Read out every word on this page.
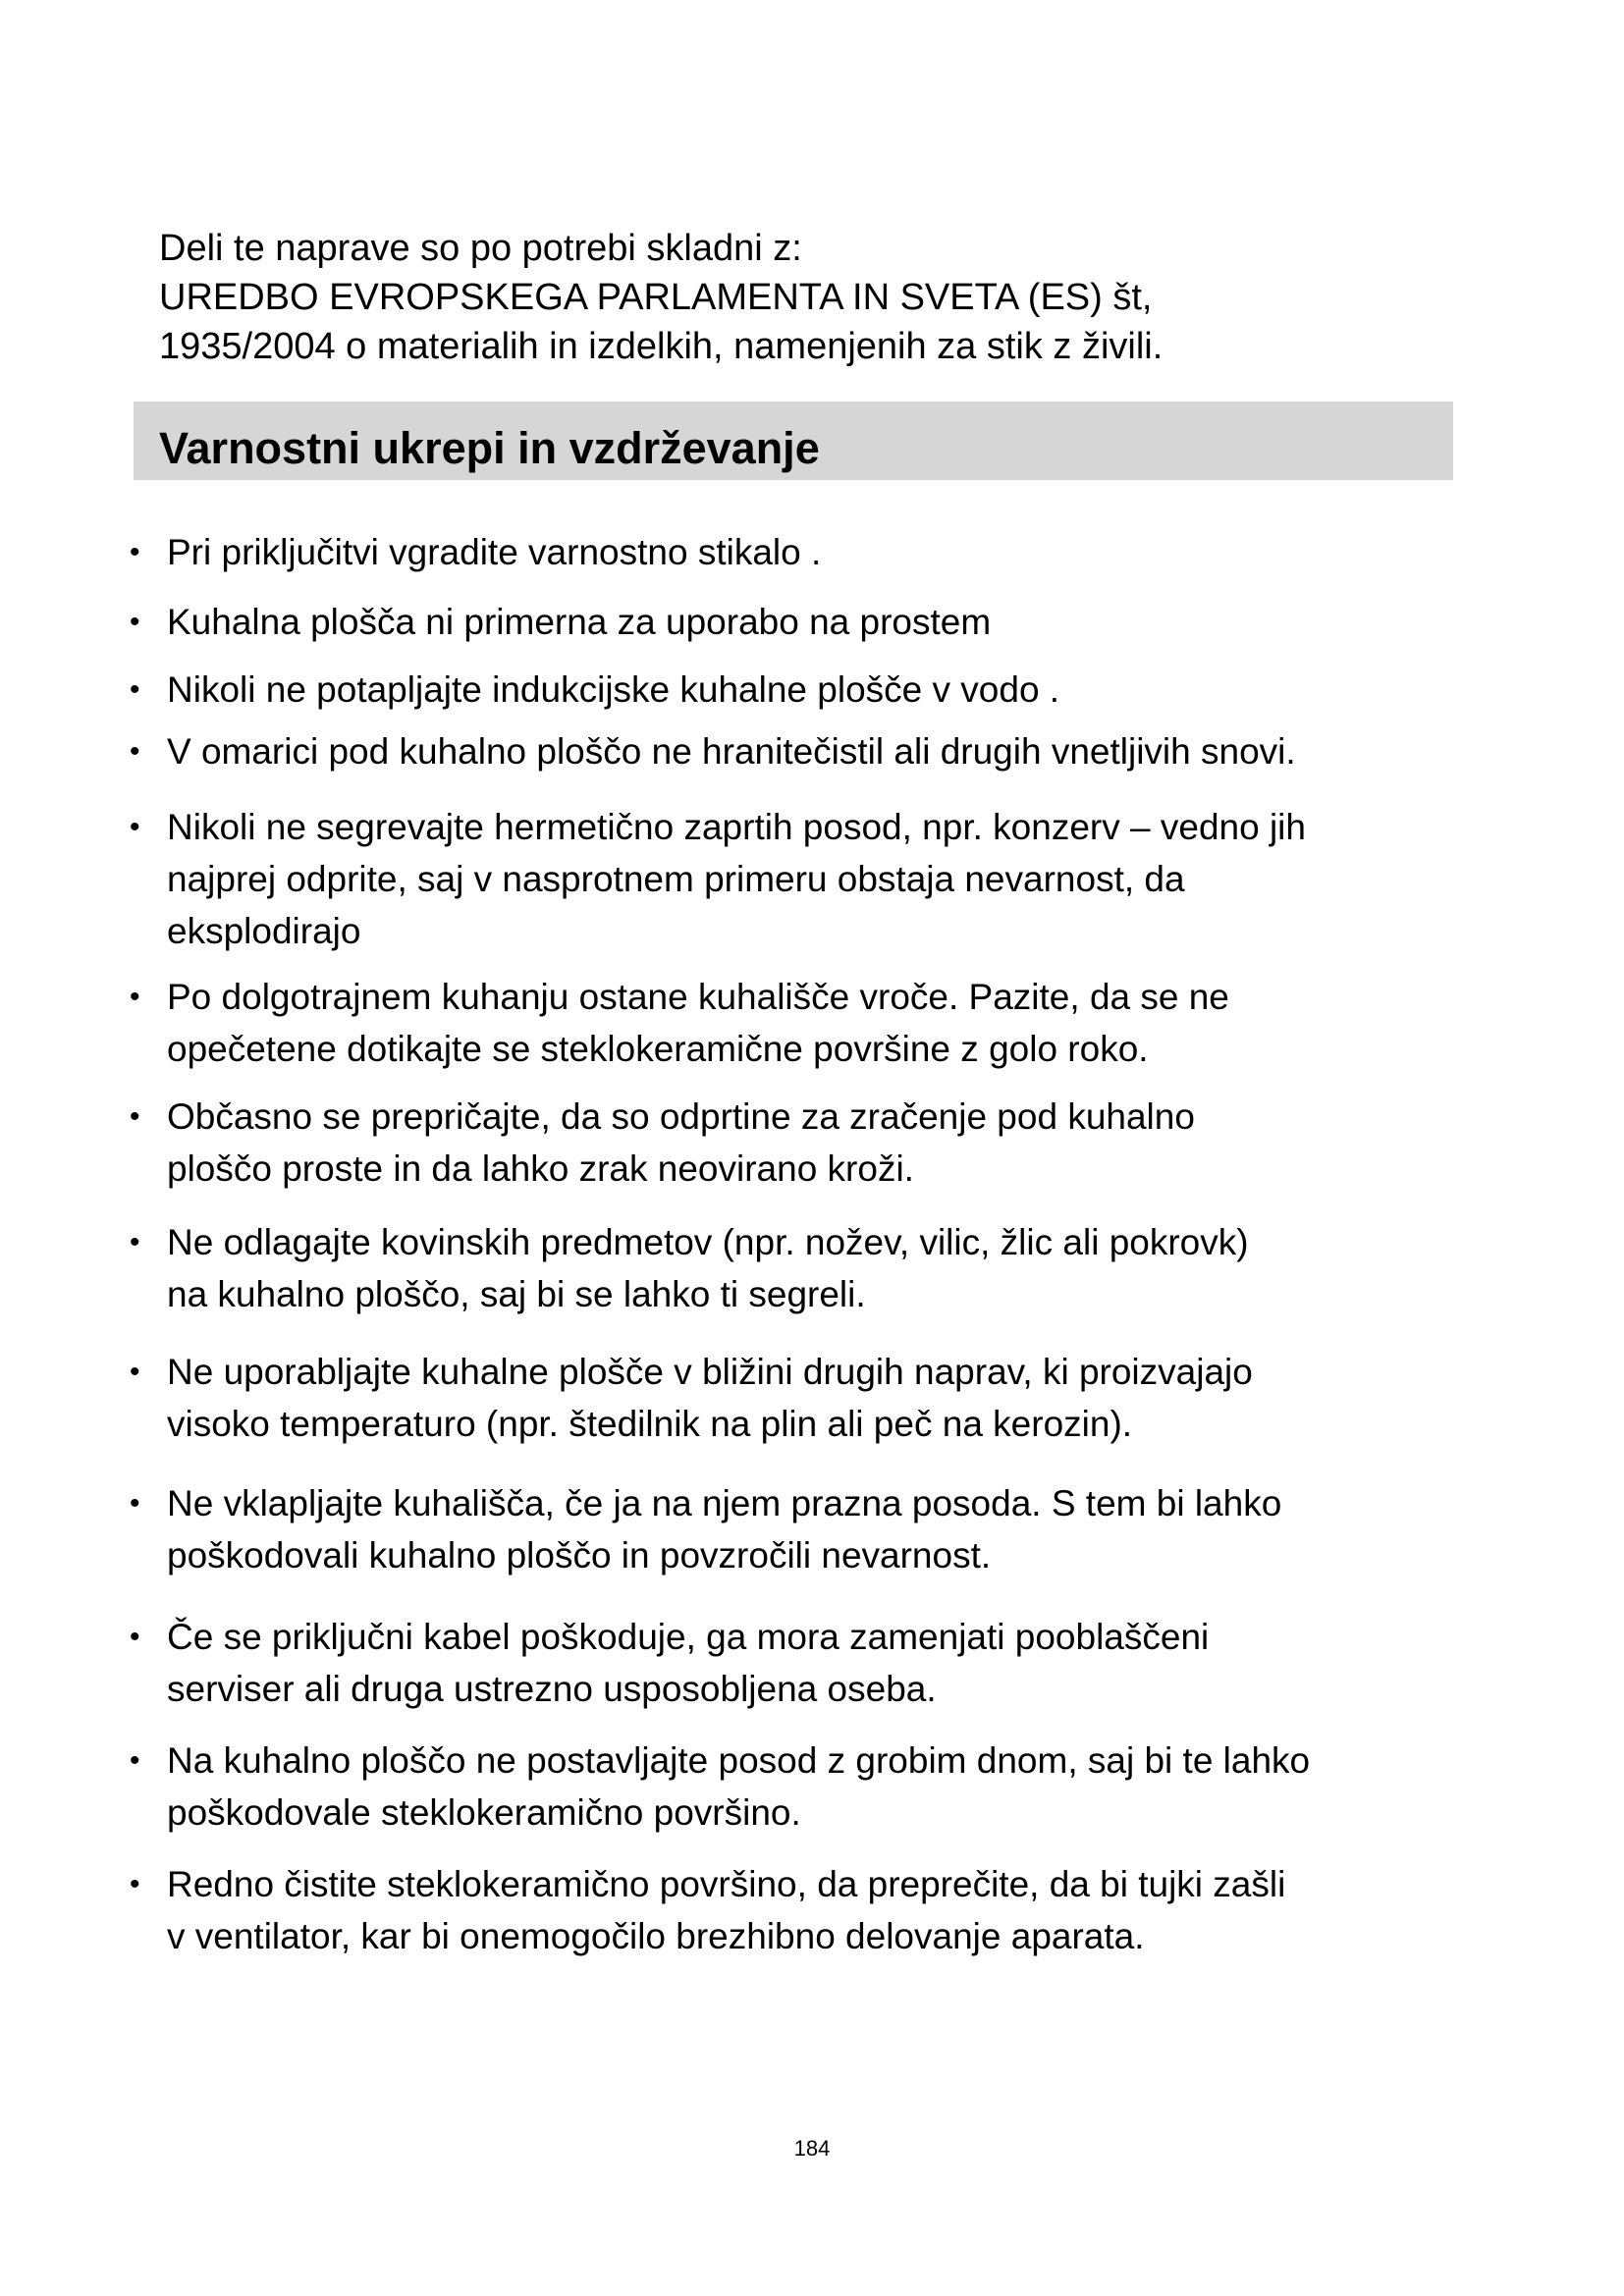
Deli te naprave so po potrebi skladni z:
UREDBO EVROPSKEGA PARLAMENTA IN SVETA (ES) št,
1935/2004 o materialih in izdelkih, namenjenih za stik z živili.
Varnostni ukrepi in vzdrževanje
• Pri priključitvi vgradite varnostno stikalo .
• Kuhalna plošča ni primerna za uporabo na prostem
• Nikoli ne potapljajte indukcijske kuhalne plošče v vodo .
• V omarici pod kuhalno ploščo ne hranitečistil ali drugih vnetljivih snovi.
• Nikoli ne segrevajte hermetično zaprtih posod, npr. konzerv – vedno jih
najprej odprite, saj v nasprotnem primeru obstaja nevarnost, da
eksplodirajo
• Po dolgotrajnem kuhanju ostane kuhališče vroče. Pazite, da se ne
opečetene dotikajte se steklokeramične površine z golo roko.
• Občasno se prepričajte, da so odprtine za zračenje pod kuhalno
ploščo proste in da lahko zrak neovirano kroži.
• Ne odlagajte kovinskih predmetov (npr. nožev, vilic, žlic ali pokrovk)
na kuhalno ploščo, saj bi se lahko ti segreli.
• Ne uporabljajte kuhalne plošče v bližini drugih naprav, ki proizvajajo
visoko temperaturo (npr. štedilnik na plin ali peč na kerozin).
• Ne vklapljajte kuhališča, če ja na njem prazna posoda. S tem bi lahko
poškodovali kuhalno ploščo in povzročili nevarnost.
• Če se priključni kabel poškoduje, ga mora zamenjati pooblaščeni
serviser ali druga ustrezno usposobljena oseba.
• Na kuhalno ploščo ne postavljajte posod z grobim dnom, saj bi te lahko
poškodovale steklokeramično površino.
• Redno čistite steklokeramično površino, da preprečite, da bi tujki zašli
v ventilator, kar bi onemogočilo brezhibno delovanje aparata.
184
